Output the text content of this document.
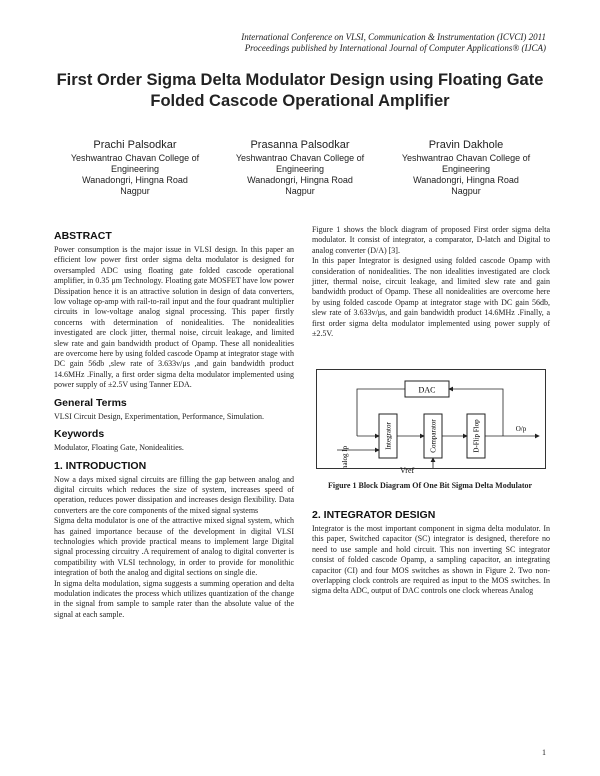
International Conference on VLSI, Communication & Instrumentation (ICVCI) 2011
Proceedings published by International Journal of Computer Applications® (IJCA)
First Order Sigma Delta Modulator Design using Floating Gate Folded Cascode Operational Amplifier
Prachi Palsodkar
Yeshwantrao Chavan College of
Engineering
Wanadongri, Hingna Road
Nagpur
Prasanna Palsodkar
Yeshwantrao Chavan College of
Engineering
Wanadongri, Hingna Road
Nagpur
Pravin Dakhole
Yeshwantrao Chavan College of
Engineering
Wanadongri, Hingna Road
Nagpur
ABSTRACT

Power consumption is the major issue in VLSI design. In this paper an efficient low power first order sigma delta modulator is designed for oversampled ADC using floating gate folded cascode operational amplifier, in 0.35 μm Technology. Floating gate MOSFET have low power Dissipation hence it is an attractive solution in design of data converters, low voltage op-amp with rail-to-rail input and the four quadrant multiplier circuits in low-voltage analog signal processing. This paper firstly concerns with determination of nonidealities. The nonidealities investigated are clock jitter, thermal noise, circuit leakage, and limited slew rate and gain bandwidth product of Opamp. These all nonidealities are overcome here by using folded cascode Opamp at integrator stage with DC gain 56db ,slew rate of 3.633v/μs ,and gain bandwidth product 14.6MHz .Finally, a first order sigma delta modulator implemented using power supply of ±2.5V using Tanner EDA.

General Terms

VLSI Circuit Design, Experimentation, Performance, Simulation.

Keywords

Modulator, Floating Gate, Nonidealities.

1. INTRODUCTION

Now a days mixed signal circuits are filling the gap between analog and digital circuits which reduces the size of system, increases speed of operation, reduces power dissipation and increases design flexibility. Data converters are the core components of the mixed signal systems

Sigma delta modulator is one of the attractive mixed signal system, which has gained importance because of the development in digital VLSI technologies which provide practical means to implement large Digital signal processing circuitry .A requirement of analog to digital converter is compatibility with VLSI technology, in order to provide for monolithic integration of both the analog and digital sections on single die.

In sigma delta modulation, sigma suggests a summing operation and delta modulation indicates the process which utilizes quantization of the change in the signal from sample to sample rater than the absolute value of the signal at each sample.

Figure 1 shows the block diagram of proposed First order sigma delta modulator. It consist of integrator, a comparator, D-latch and Digital to analog converter (D/A) [3].

In this paper Integrator is designed using folded cascode Opamp with consideration of nonidealities. The non idealities investigated are clock jitter, thermal noise, circuit leakage, and limited slew rate and gain bandwidth product of Opamp. These all nonidealities are overcome here by using folded cascode Opamp at integrator stage with DC gain 56db, slew rate of 3.633v/μs, and gain bandwidth product 14.6MHz .Finally, a first order sigma delta modulator implemented using power supply of ±2.5V.

DAC
Integrator	Comparator	D-Flip Flop
Analog Ip
O/p
Vref
Figure 1 Block Diagram Of One Bit Sigma Delta Modulator
2. INTEGRATOR DESIGN

Integrator is the most important component in sigma delta modulator. In this paper, Switched capacitor (SC) integrator is designed, therefore no need to use sample and hold circuit. This non inverting SC integrator consist of folded cascode Opamp, a sampling capacitor, an integrating capacitor (CI) and four MOS switches as shown in Figure 2. Two non-overlapping clock controls are required as input to the MOS switches. In sigma delta ADC, output of DAC controls one clock whereas Analog

1
